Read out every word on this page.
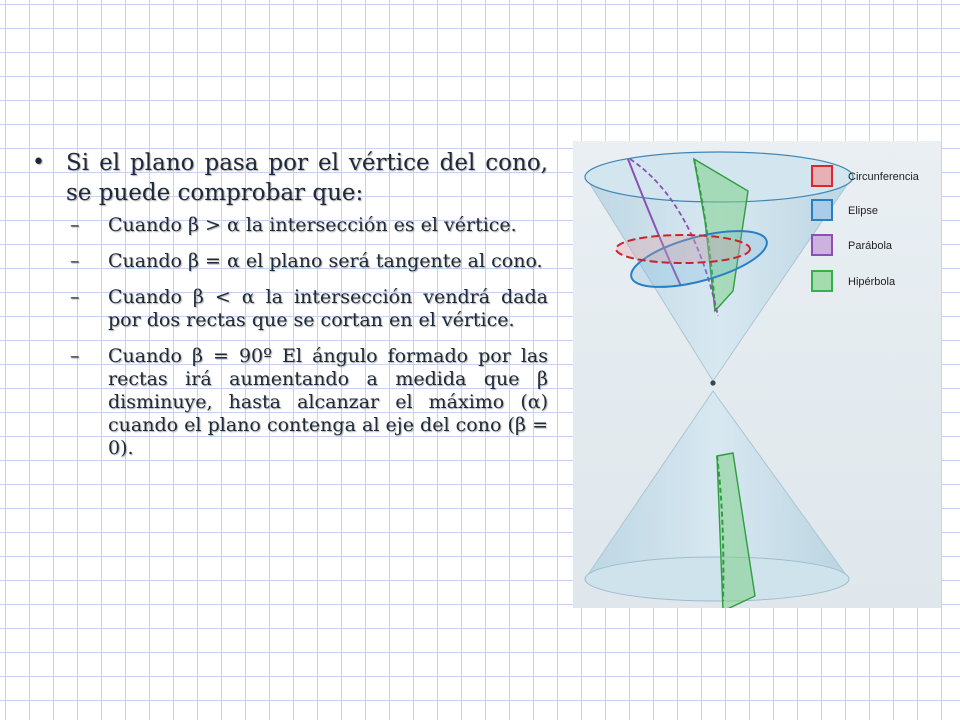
• Si el plano pasa por el vértice del cono, se puede comprobar que:
– Cuando β > α la intersección es el vértice.
– Cuando β = α el plano será tangente al cono.
– Cuando β < α la intersección vendrá dada por dos rectas que se cortan en el vértice.
– Cuando β = 90º El ángulo formado por las rectas irá aumentando a medida que β disminuye, hasta alcanzar el máximo (α) cuando el plano contenga al eje del cono (β = 0).
Circunferencia
Elipse
Parábola
Hipérbola
